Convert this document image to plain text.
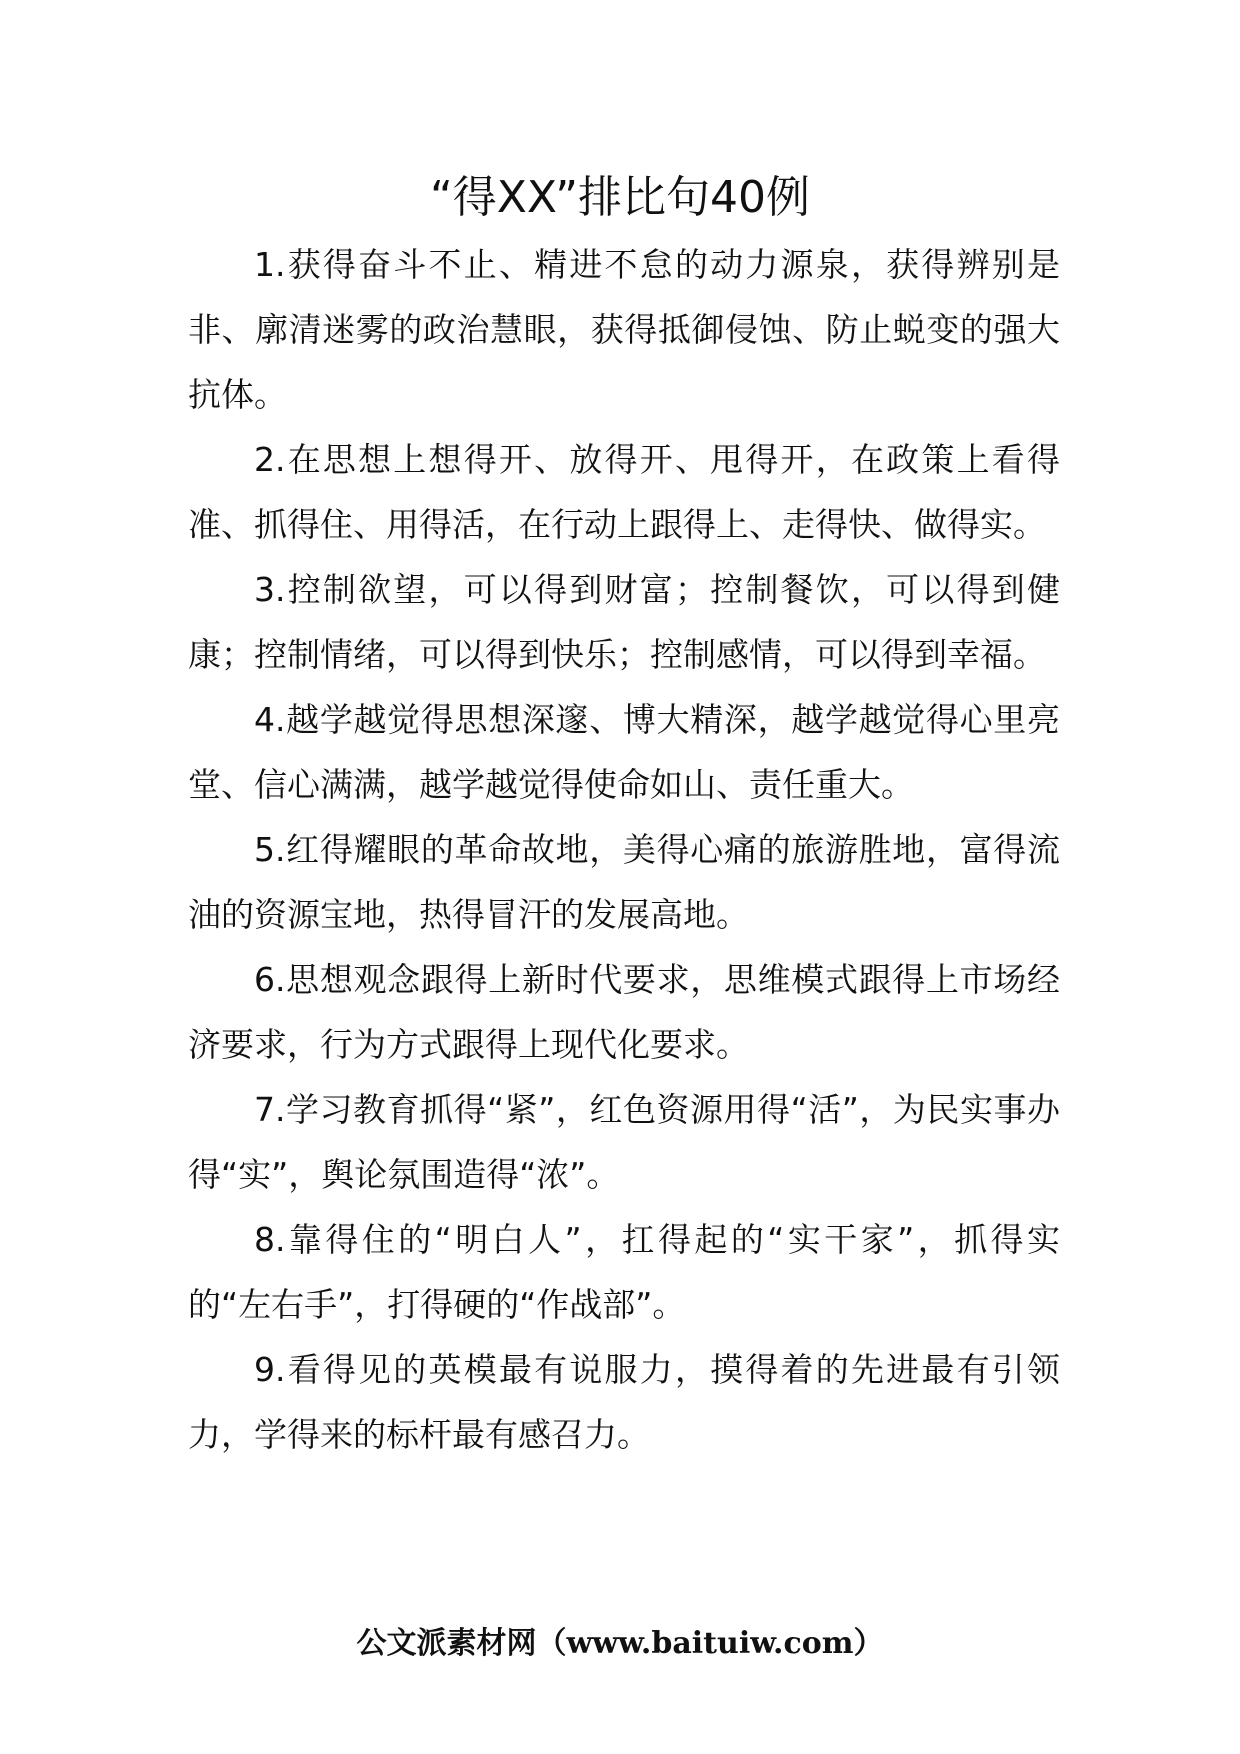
“得XX”排比句40例

1.获得奋斗不止、精进不怠的动力源泉，获得辨别是非、廓清迷雾的政治慧眼，获得抵御侵蚀、防止蜕变的强大抗体。

2.在思想上想得开、放得开、甩得开，在政策上看得准、抓得住、用得活，在行动上跟得上、走得快、做得实。

3.控制欲望，可以得到财富；控制餐饮，可以得到健康；控制情绪，可以得到快乐；控制感情，可以得到幸福。

4.越学越觉得思想深邃、博大精深，越学越觉得心里亮堂、信心满满，越学越觉得使命如山、责任重大。

5.红得耀眼的革命故地，美得心痛的旅游胜地，富得流油的资源宝地，热得冒汗的发展高地。

6.思想观念跟得上新时代要求，思维模式跟得上市场经济要求，行为方式跟得上现代化要求。

7.学习教育抓得“紧”，红色资源用得“活”，为民实事办得“实”，舆论氛围造得“浓”。

8.靠得住的“明白人”，扛得起的“实干家”，抓得实的“左右手”，打得硬的“作战部”。

9.看得见的英模最有说服力，摸得着的先进最有引领力，学得来的标杆最有感召力。

公文派素材网（www.baituiw.com）
